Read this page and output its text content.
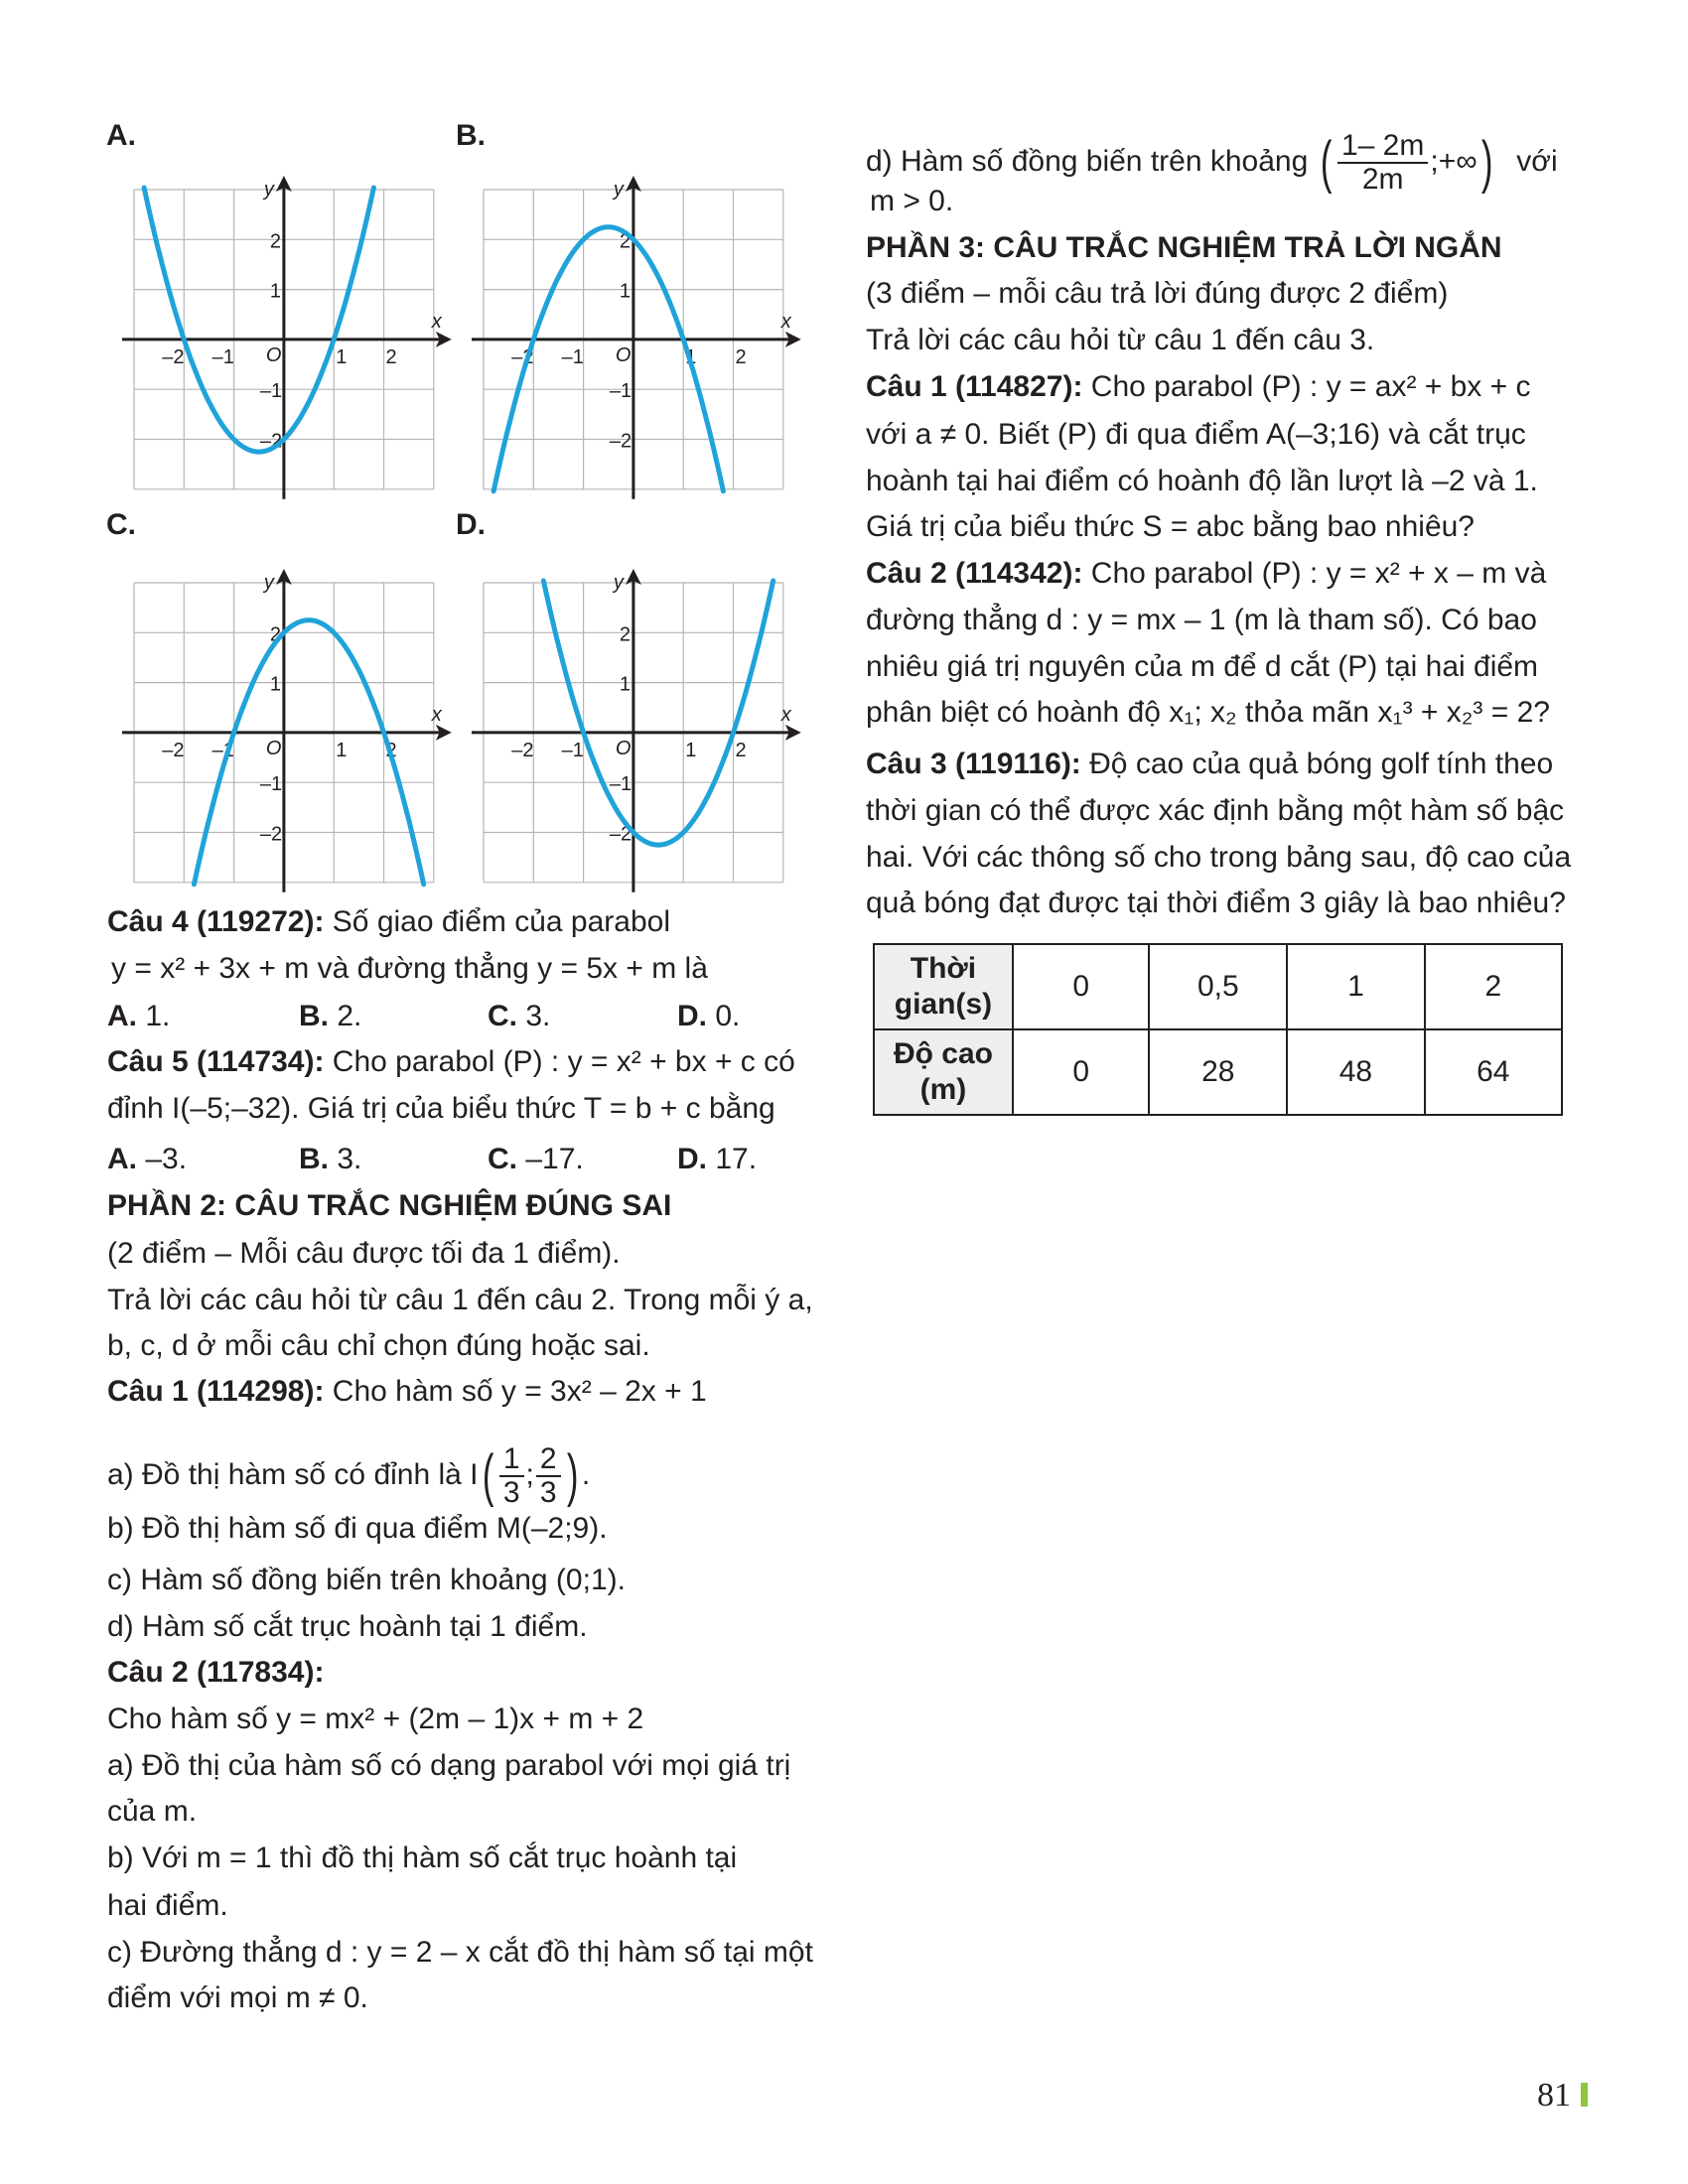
A.	B.
C.	D.
x
y
O
–2 –1	1 2
2
1
–1
–2
x
y
O
–2 –1	1 2
2
1
–1
–2
x
y
O
–2 –1	1 2
2
1
–1
–2
x
y
O
–2 –1	1 2
2
1
–1
–2
Câu 4 (119272): Số giao điểm của parabol
y = x² + 3x + m và đường thẳng y = 5x + m là
A. 1.	B. 2.	C. 3.	D. 0.
Câu 5 (114734): Cho parabol (P) : y = x² + bx + c có
đỉnh I(–5;–32). Giá trị của biểu thức T = b + c bằng
A. –3.	B. 3.	C. –17.	D. 17.
PHẦN 2: CÂU TRẮC NGHIỆM ĐÚNG SAI
(2 điểm – Mỗi câu được tối đa 1 điểm).
Trả lời các câu hỏi từ câu 1 đến câu 2. Trong mỗi ý a,
b, c, d ở mỗi câu chỉ chọn đúng hoặc sai.
Câu 1 (114298): Cho hàm số y = 3x² – 2x + 1
a) Đồ thị hàm số có đỉnh là $I( \frac{1}{3}$ ; $\frac{2}{3}$ ) .
b) Đồ thị hàm số đi qua điểm M(–2;9).
c) Hàm số đồng biến trên khoảng (0;1).
d) Hàm số cắt trục hoành tại 1 điểm.
Câu 2 (117834):
Cho hàm số y = mx² + (2m – 1)x + m + 2
a) Đồ thị của hàm số có dạng parabol với mọi giá trị
của m.
b) Với m = 1 thì đồ thị hàm số cắt trục hoành tại
hai điểm.
c) Đường thẳng d : y = 2 – x cắt đồ thị hàm số tại một
điểm với mọi m ≠ 0.
d) Hàm số đồng biến trên khoảng ( $\frac{1- 2m}{2m}$ ;+∞) với
m > 0.
PHẦN 3: CÂU TRẮC NGHIỆM TRẢ LỜI NGẮN
(3 điểm – mỗi câu trả lời đúng được 2 điểm)
Trả lời các câu hỏi từ câu 1 đến câu 3.
Câu 1 (114827): Cho parabol (P) : y = ax² + bx + c
với a ≠ 0. Biết (P) đi qua điểm A(–3;16) và cắt trục
hoành tại hai điểm có hoành độ lần lượt là –2 và 1.
Giá trị của biểu thức S = abc bằng bao nhiêu?
Câu 2 (114342): Cho parabol (P) : y = x² + x – m và
đường thẳng d : y = mx – 1 (m là tham số). Có bao
nhiêu giá trị nguyên của m để d cắt (P) tại hai điểm
phân biệt có hoành độ x₁; x₂ thỏa mãn x₁³ + x₂³ = 2?
Câu 3 (119116): Độ cao của quả bóng golf tính theo
thời gian có thể được xác định bằng một hàm số bậc
hai. Với các thông số cho trong bảng sau, độ cao của
quả bóng đạt được tại thời điểm 3 giây là bao nhiêu?
Thời
gian(s)	0	0,5	1	2
Độ cao
(m)	0	28	48	64
81
